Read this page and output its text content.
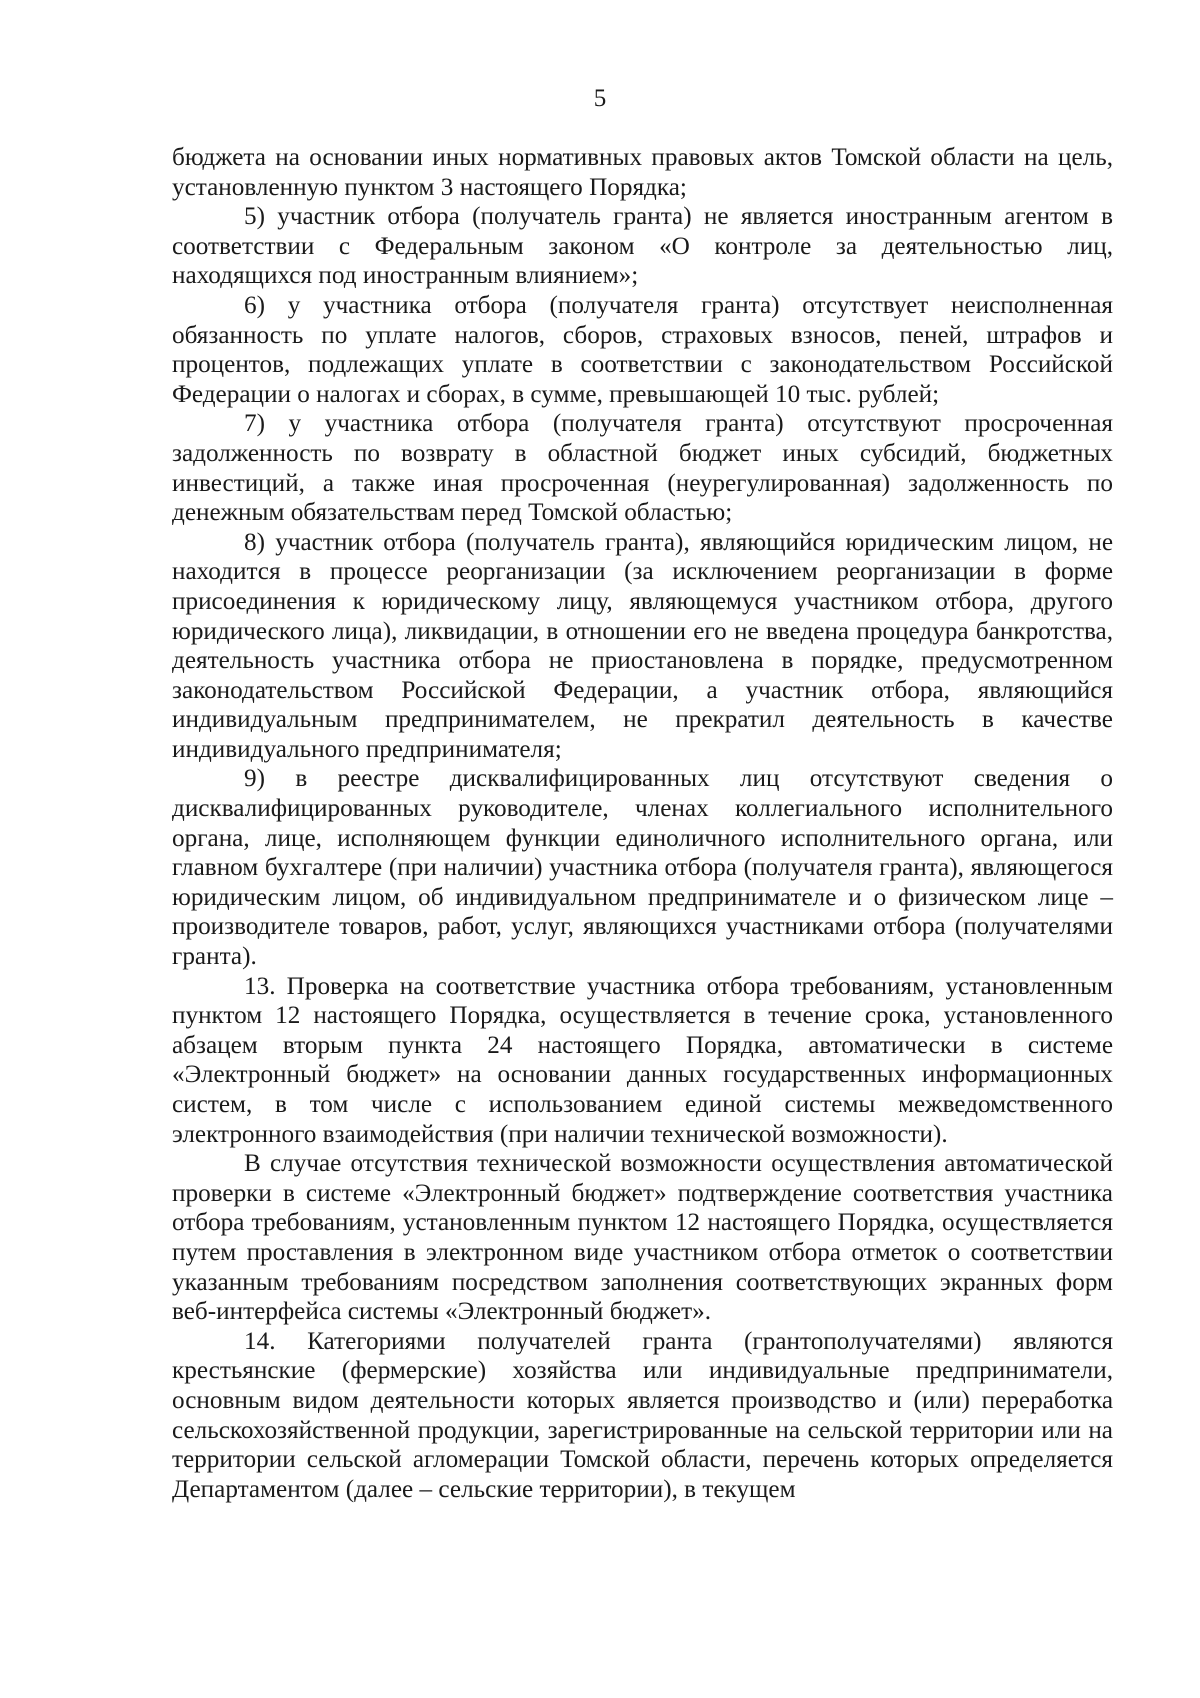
5

бюджета на основании иных нормативных правовых актов Томской области на цель, установленную пунктом 3 настоящего Порядка;

5) участник отбора (получатель гранта) не является иностранным агентом в соответствии с Федеральным законом «О контроле за деятельностью лиц, находящихся под иностранным влиянием»;

6) у участника отбора (получателя гранта) отсутствует неисполненная обязанность по уплате налогов, сборов, страховых взносов, пеней, штрафов и процентов, подлежащих уплате в соответствии с законодательством Российской Федерации о налогах и сборах, в сумме, превышающей 10 тыс. рублей;

7) у участника отбора (получателя гранта) отсутствуют просроченная задолженность по возврату в областной бюджет иных субсидий, бюджетных инвестиций, а также иная просроченная (неурегулированная) задолженность по денежным обязательствам перед Томской областью;

8) участник отбора (получатель гранта), являющийся юридическим лицом, не находится в процессе реорганизации (за исключением реорганизации в форме присоединения к юридическому лицу, являющемуся участником отбора, другого юридического лица), ликвидации, в отношении его не введена процедура банкротства, деятельность участника отбора не приостановлена в порядке, предусмотренном законодательством Российской Федерации, а участник отбора, являющийся индивидуальным предпринимателем, не прекратил деятельность в качестве индивидуального предпринимателя;

9) в реестре дисквалифицированных лиц отсутствуют сведения о дисквалифицированных руководителе, членах коллегиального исполнительного органа, лице, исполняющем функции единоличного исполнительного органа, или главном бухгалтере (при наличии) участника отбора (получателя гранта), являющегося юридическим лицом, об индивидуальном предпринимателе и о физическом лице – производителе товаров, работ, услуг, являющихся участниками отбора (получателями гранта).

13. Проверка на соответствие участника отбора требованиям, установленным пунктом 12 настоящего Порядка, осуществляется в течение срока, установленного абзацем вторым пункта 24 настоящего Порядка, автоматически в системе «Электронный бюджет» на основании данных государственных информационных систем, в том числе с использованием единой системы межведомственного электронного взаимодействия (при наличии технической возможности).

В случае отсутствия технической возможности осуществления автоматической проверки в системе «Электронный бюджет» подтверждение соответствия участника отбора требованиям, установленным пунктом 12 настоящего Порядка, осуществляется путем проставления в электронном виде участником отбора отметок о соответствии указанным требованиям посредством заполнения соответствующих экранных форм веб-интерфейса системы «Электронный бюджет».

14. Категориями получателей гранта (грантополучателями) являются крестьянские (фермерские) хозяйства или индивидуальные предприниматели, основным видом деятельности которых является производство и (или) переработка сельскохозяйственной продукции, зарегистрированные на сельской территории или на территории сельской агломерации Томской области, перечень которых определяется Департаментом (далее – сельские территории), в текущем
